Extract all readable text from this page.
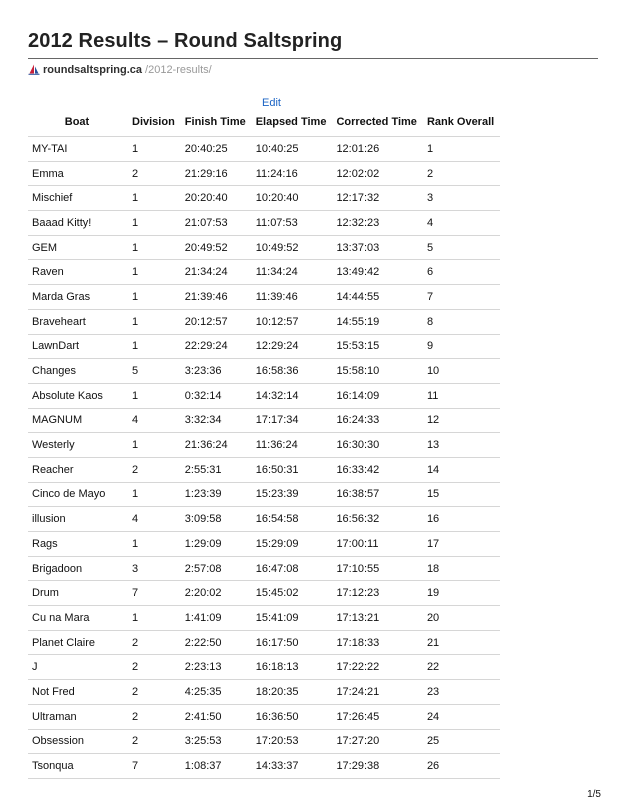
2012 Results – Round Saltspring
roundsaltspring.ca /2012-results/
Edit
Boat	Division	Finish Time	Elapsed Time	Corrected Time	Rank Overall
MY-TAI	1	20:40:25	10:40:25	12:01:26	1
Emma	2	21:29:16	11:24:16	12:02:02	2
Mischief	1	20:20:40	10:20:40	12:17:32	3
Baaad Kitty!	1	21:07:53	11:07:53	12:32:23	4
GEM	1	20:49:52	10:49:52	13:37:03	5
Raven	1	21:34:24	11:34:24	13:49:42	6
Marda Gras	1	21:39:46	11:39:46	14:44:55	7
Braveheart	1	20:12:57	10:12:57	14:55:19	8
LawnDart	1	22:29:24	12:29:24	15:53:15	9
Changes	5	3:23:36	16:58:36	15:58:10	10
Absolute Kaos	1	0:32:14	14:32:14	16:14:09	11
MAGNUM	4	3:32:34	17:17:34	16:24:33	12
Westerly	1	21:36:24	11:36:24	16:30:30	13
Reacher	2	2:55:31	16:50:31	16:33:42	14
Cinco de Mayo	1	1:23:39	15:23:39	16:38:57	15
illusion	4	3:09:58	16:54:58	16:56:32	16
Rags	1	1:29:09	15:29:09	17:00:11	17
Brigadoon	3	2:57:08	16:47:08	17:10:55	18
Drum	7	2:20:02	15:45:02	17:12:23	19
Cu na Mara	1	1:41:09	15:41:09	17:13:21	20
Planet Claire	2	2:22:50	16:17:50	17:18:33	21
J	2	2:23:13	16:18:13	17:22:22	22
Not Fred	2	4:25:35	18:20:35	17:24:21	23
Ultraman	2	2:41:50	16:36:50	17:26:45	24
Obsession	2	3:25:53	17:20:53	17:27:20	25
Tsonqua	7	1:08:37	14:33:37	17:29:38	26
1/5
